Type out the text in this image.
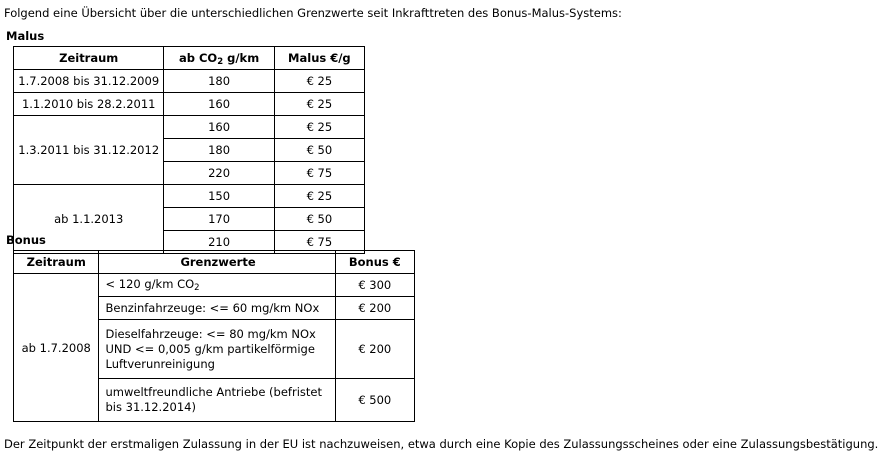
Folgend eine Übersicht über die unterschiedlichen Grenzwerte seit Inkrafttreten des Bonus-Malus-Systems:
Malus
Zeitraum	ab $CO_2$ g/km	Malus €/g
1.7.2008 bis 31.12.2009	180	€ 25
1.1.2010 bis 28.2.2011	160	€ 25
1.3.2011 bis 31.12.2012	160	€ 25
	180	€ 50
	220	€ 75
ab 1.1.2013	150	€ 25
	170	€ 50
	210	€ 75
Bonus
Zeitraum	Grenzwerte	Bonus €
ab 1.7.2008	< 120 g/km $CO_2$	€ 300
	Benzinfahrzeuge: <= 60 mg/km NOx	€ 200
	Dieselfahrzeuge: <= 80 mg/km NOx UND <= 0,005 g/km partikelförmige Luftverunreinigung	€ 200
	umweltfreundliche Antriebe (befristet bis 31.12.2014)	€ 500
Der Zeitpunkt der erstmaligen Zulassung in der EU ist nachzuweisen, etwa durch eine Kopie des Zulassungsscheines oder eine Zulassungsbestätigung.
